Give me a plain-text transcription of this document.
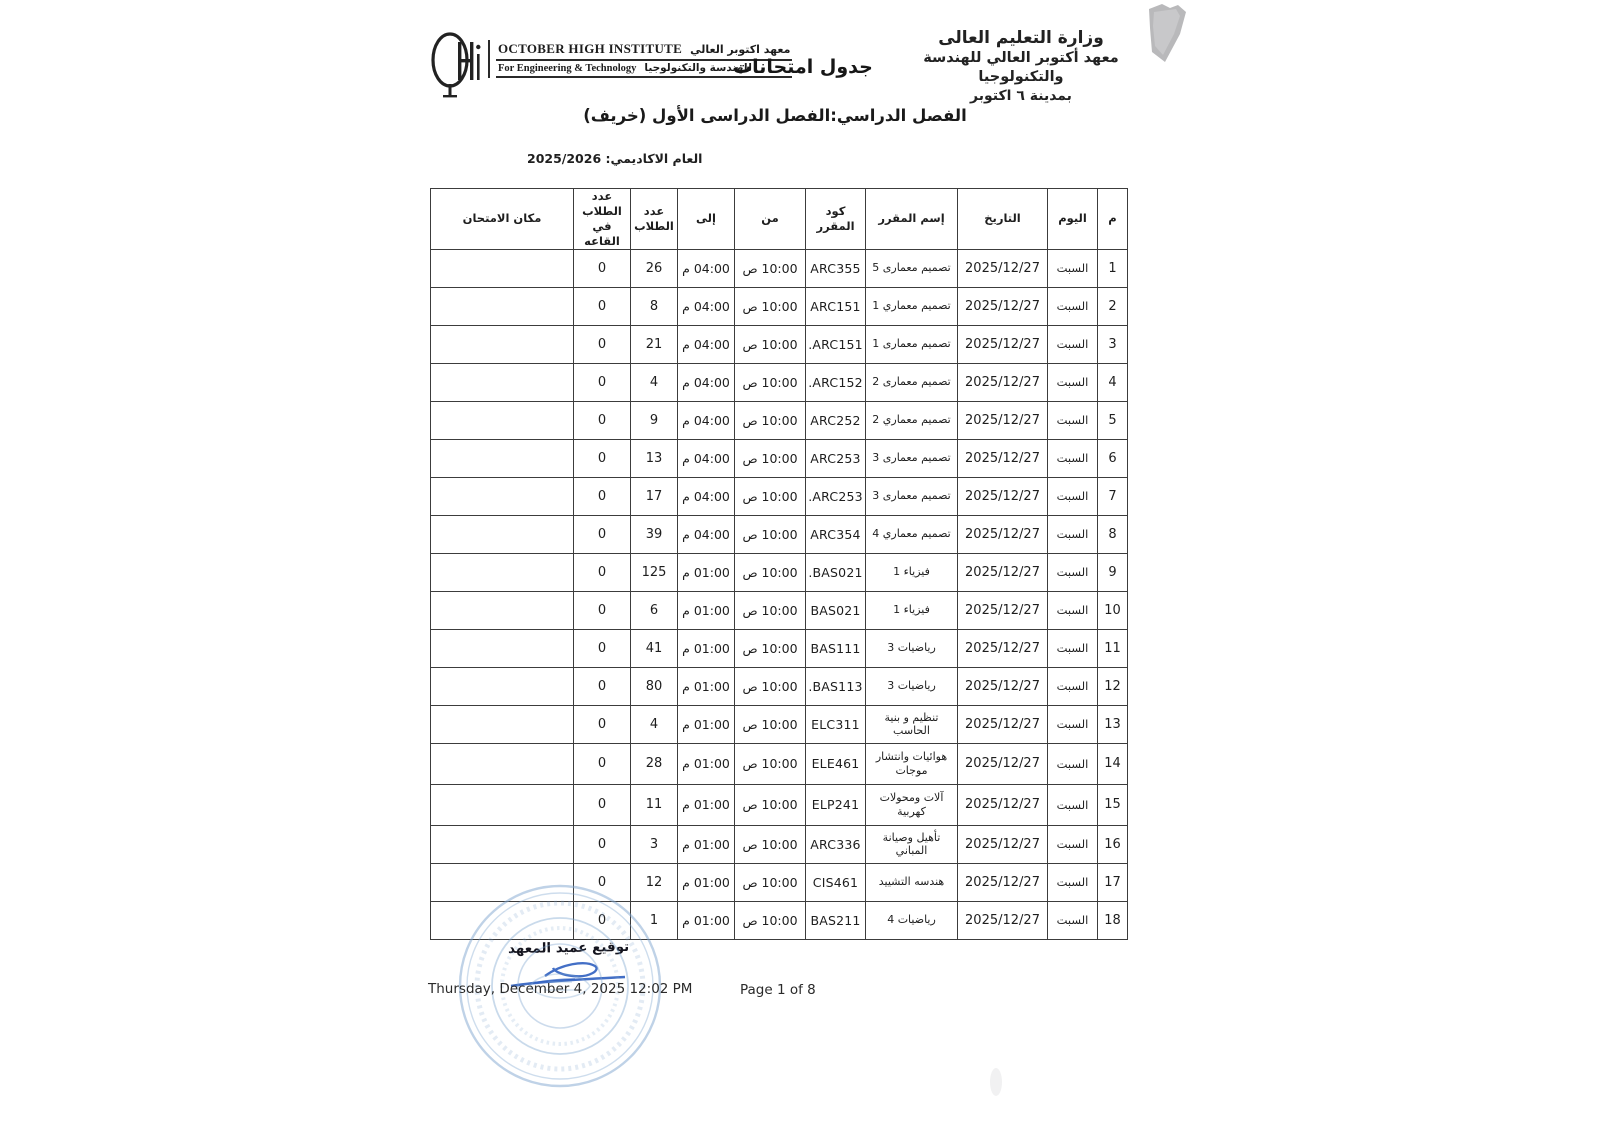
OCTOBER HIGH INSTITUTE معهد اكتوبر العالي
For Engineering & Technology للهندسة والتكنولوجيا
جدول امتحانات
وزارة التعليم العالى
معهد أكتوبر العالي للهندسة والتكنولوجيا
بمدينة ٦ اكتوبر
الفصل الدراسي:الفصل الدراسى الأول (خريف)
العام الاكاديمي: 2025/2026
م	اليوم	التاريخ	إسم المقرر	كود المقرر	من	إلى	عدد الطلاب	عدد الطلاب في القاعه	مكان الامتحان
1	السبت	2025/12/27	تصميم معمارى 5	ARC355	10:00 ص	04:00 م	26	0	
2	السبت	2025/12/27	تصميم معماري 1	ARC151	10:00 ص	04:00 م	8	0	
3	السبت	2025/12/27	تصميم معمارى 1	.ARC151	10:00 ص	04:00 م	21	0	
4	السبت	2025/12/27	تصميم معمارى 2	.ARC152	10:00 ص	04:00 م	4	0	
5	السبت	2025/12/27	تصميم معماري 2	ARC252	10:00 ص	04:00 م	9	0	
6	السبت	2025/12/27	تصميم معمارى 3	ARC253	10:00 ص	04:00 م	13	0	
7	السبت	2025/12/27	تصميم معمارى 3	.ARC253	10:00 ص	04:00 م	17	0	
8	السبت	2025/12/27	تصميم معماري 4	ARC354	10:00 ص	04:00 م	39	0	
9	السبت	2025/12/27	فيزياء 1	.BAS021	10:00 ص	01:00 م	125	0	
10	السبت	2025/12/27	فيزياء 1	BAS021	10:00 ص	01:00 م	6	0	
11	السبت	2025/12/27	رياضيات 3	BAS111	10:00 ص	01:00 م	41	0	
12	السبت	2025/12/27	رياضيات 3	.BAS113	10:00 ص	01:00 م	80	0	
13	السبت	2025/12/27	تنظيم و بنية الحاسب	ELC311	10:00 ص	01:00 م	4	0	
14	السبت	2025/12/27	هوائيات وانتشار موجات	ELE461	10:00 ص	01:00 م	28	0	
15	السبت	2025/12/27	آلات ومحولات كهربية	ELP241	10:00 ص	01:00 م	11	0	
16	السبت	2025/12/27	تأهيل وصيانة المباني	ARC336	10:00 ص	01:00 م	3	0	
17	السبت	2025/12/27	هندسه التشييد	CIS461	10:00 ص	01:00 م	12	0	
18	السبت	2025/12/27	رياضيات 4	BAS211	10:00 ص	01:00 م	1	0	
توقيع عميد المعهد
Thursday, December 4, 2025 12:02 PM	Page 1 of 8
